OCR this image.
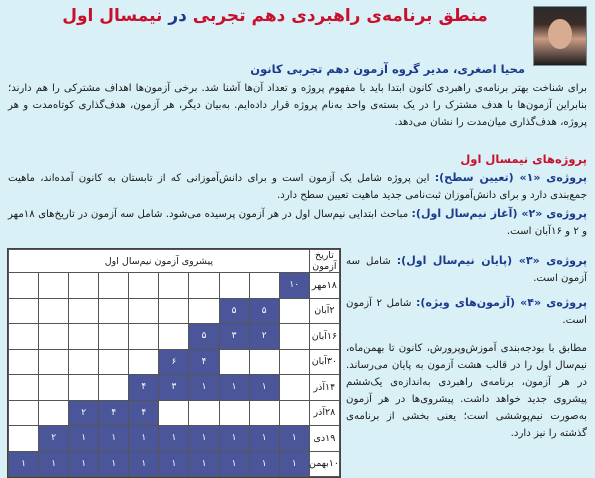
منطق برنامه‌ی راهبردی دهم تجربی در نیمسال اول
محیا اصغری، مدیر گروه آزمون دهم تجربی کانون
برای شناخت بهتر برنامه‌ی راهبردی کانون ابتدا باید با مفهوم پروژه و تعداد آن‌ها آشنا شد. برخی آزمون‌ها اهداف مشترکی را هم دارند؛ بنابراین آزمون‌ها با هدف مشترک را در یک بسته‌ی واحد به‌نام پروژه قرار داده‌ایم. به‌بیان دیگر، هر آزمون، هدف‌گذاری کوتاه‌مدت و هر پروژه، هدف‌گذاری میان‌مدت را نشان می‌دهد.
پروژه‌های نیمسال اول
پروژه‌ی «۱» (تعیین سطح): این پروژه شامل یک آزمون است و برای دانش‌آموزانی که از تابستان به کانون آمده‌اند، ماهیت جمع‌بندی دارد و برای دانش‌آموزان ثبت‌نامی جدید ماهیت تعیین سطح دارد.
پروژه‌ی «۲» (آغاز نیم‌سال اول): مباحث ابتدایی نیم‌سال اول در هر آزمون پرسیده می‌شود. شامل سه آزمون در تاریخ‌های ۱۸مهر و ۲ و ۱۶آبان است.
پروژه‌ی «۳» (پایان نیم‌سال اول): شامل سه آزمون است.
پروژه‌ی «۴» (آزمون‌های ویژه): شامل ۲ آزمون است.
مطابق با بودجه‌بندی آموزش‌وپرورش، کانون تا بهمن‌ماه، نیم‌سال اول را در قالب هشت آزمون به پایان می‌رساند. در هر آزمون، برنامه‌ی راهبردی به‌اندازه‌ی یک‌ششم پیشروی جدید خواهد داشت. پیشروی‌ها در هر آزمون به‌صورت نیم‌پوششی است؛ یعنی بخشی از برنامه‌ی گذشته را نیز دارد.
پیشروی آزمون نیم‌سال اول										تاریخ آزمون
									۱۰	۱۸مهر
							۵	۵		۲آبان
						۵	۳	۲		۱۶آبان
					۶	۴				۳۰آبان
				۴	۳	۱	۱	۱		۱۴آذر
		۲	۴	۴						۲۸آذر
	۲	۱	۱	۱	۱	۱	۱	۱	۱	۱۹دی
۱	۱	۱	۱	۱	۱	۱	۱	۱	۱	۱۰بهمن
